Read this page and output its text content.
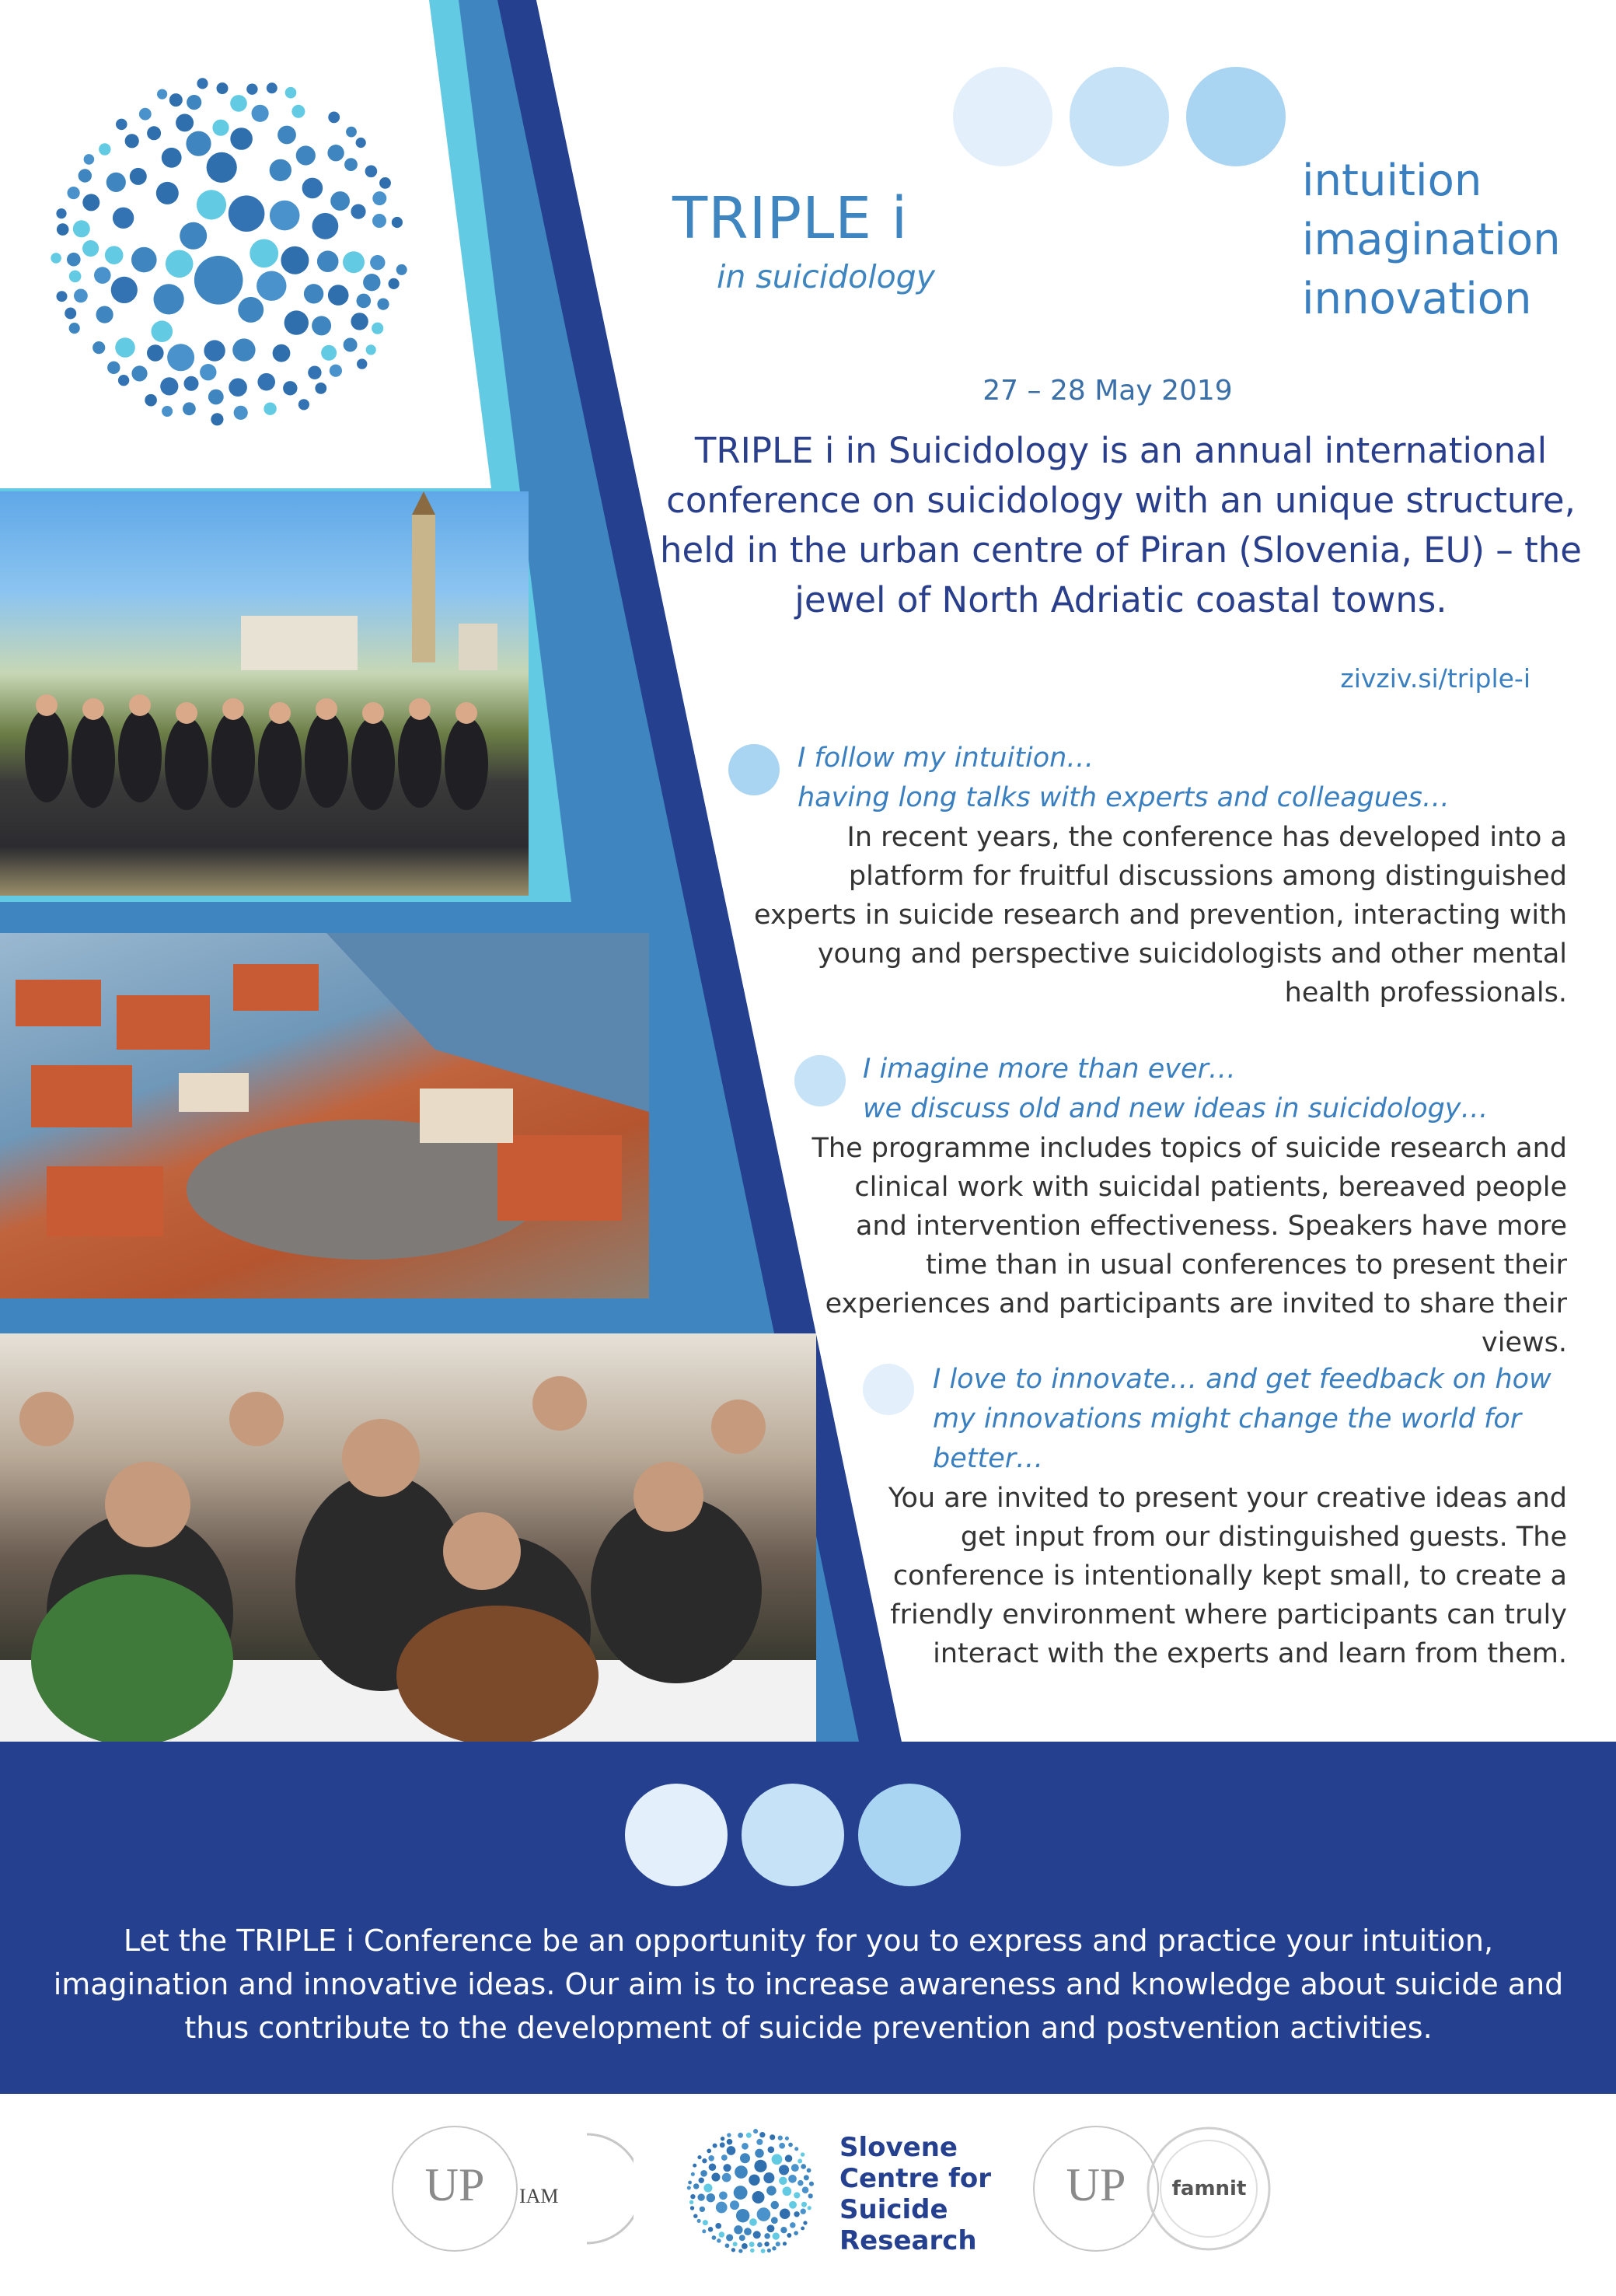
TRIPLE i
in suicidology
intuition
imagination
innovation
27 – 28 May 2019
TRIPLE i in Suicidology is an annual international conference on suicidology with an unique structure, held in the urban centre of Piran (Slovenia, EU) – the jewel of North Adriatic coastal towns.
zivziv.si/triple-i
I follow my intuition…
having long talks with experts and colleagues…
In recent years, the conference has developed into a platform for fruitful discussions among distinguished experts in suicide research and prevention, interacting with young and perspective suicidologists and other mental health professionals.
I imagine more than ever…
we discuss old and new ideas in suicidology…
The programme includes topics of suicide research and clinical work with suicidal patients, bereaved people and intervention effectiveness. Speakers have more time than in usual conferences to present their experiences and participants are invited to share their views.
I love to innovate… and get feedback on how
my innovations might change the world for better…
You are invited to present your creative ideas and get input from our distinguished guests. The conference is intentionally kept small, to create a friendly environment where participants can truly interact with the experts and learn from them.
Let the TRIPLE i Conference be an opportunity for you to express and practice your intuition, imagination and innovative ideas. Our aim is to increase awareness and knowledge about suicide and thus contribute to the development of suicide prevention and postvention activities.
UP IAM
Slovene
Centre for
Suicide
Research
UP	famnit
